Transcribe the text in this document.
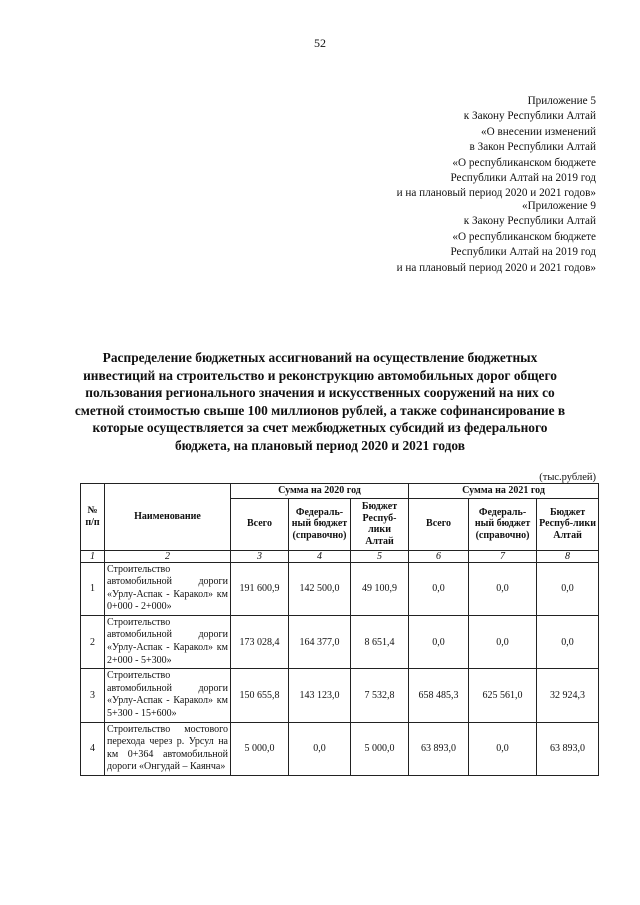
52
Приложение 5
к Закону Республики Алтай
«О внесении изменений
в Закон Республики Алтай
«О республиканском бюджете
Республики Алтай на 2019 год
и на плановый период 2020 и 2021 годов»
«Приложение 9
к Закону Республики Алтай
«О республиканском бюджете
Республики Алтай на 2019 год
и на плановый период 2020 и 2021 годов»
Распределение бюджетных ассигнований на осуществление бюджетных инвестиций на строительство и реконструкцию автомобильных дорог общего пользования регионального значения и искусственных сооружений на них со сметной стоимостью свыше 100 миллионов рублей, а также софинансирование в которые осуществляется за счет межбюджетных субсидий из федерального бюджета, на плановый период 2020 и 2021 годов
(тыс.рублей)
№ п/п	Наименование	Сумма на 2020 год			Сумма на 2021 год		
		Всего	Федераль-ный бюджет (справочно)	Бюджет Респуб-лики Алтай	Всего	Федераль-ный бюджет (справочно)	Бюджет Респуб-лики Алтай
1	2	3	4	5	6	7	8
1	Строительство автомобильной дороги «Урлу-Аспак - Каракол» км 0+000 - 2+000»	191 600,9	142 500,0	49 100,9	0,0	0,0	0,0
2	Строительство автомобильной дороги «Урлу-Аспак - Каракол» км 2+000 - 5+300»	173 028,4	164 377,0	8 651,4	0,0	0,0	0,0
3	Строительство автомобильной дороги «Урлу-Аспак - Каракол» км 5+300 - 15+600»	150 655,8	143 123,0	7 532,8	658 485,3	625 561,0	32 924,3
4	Строительство мостового перехода через р. Урсул на км 0+364 автомобильной дороги «Онгудай – Каянча»	5 000,0	0,0	5 000,0	63 893,0	0,0	63 893,0
